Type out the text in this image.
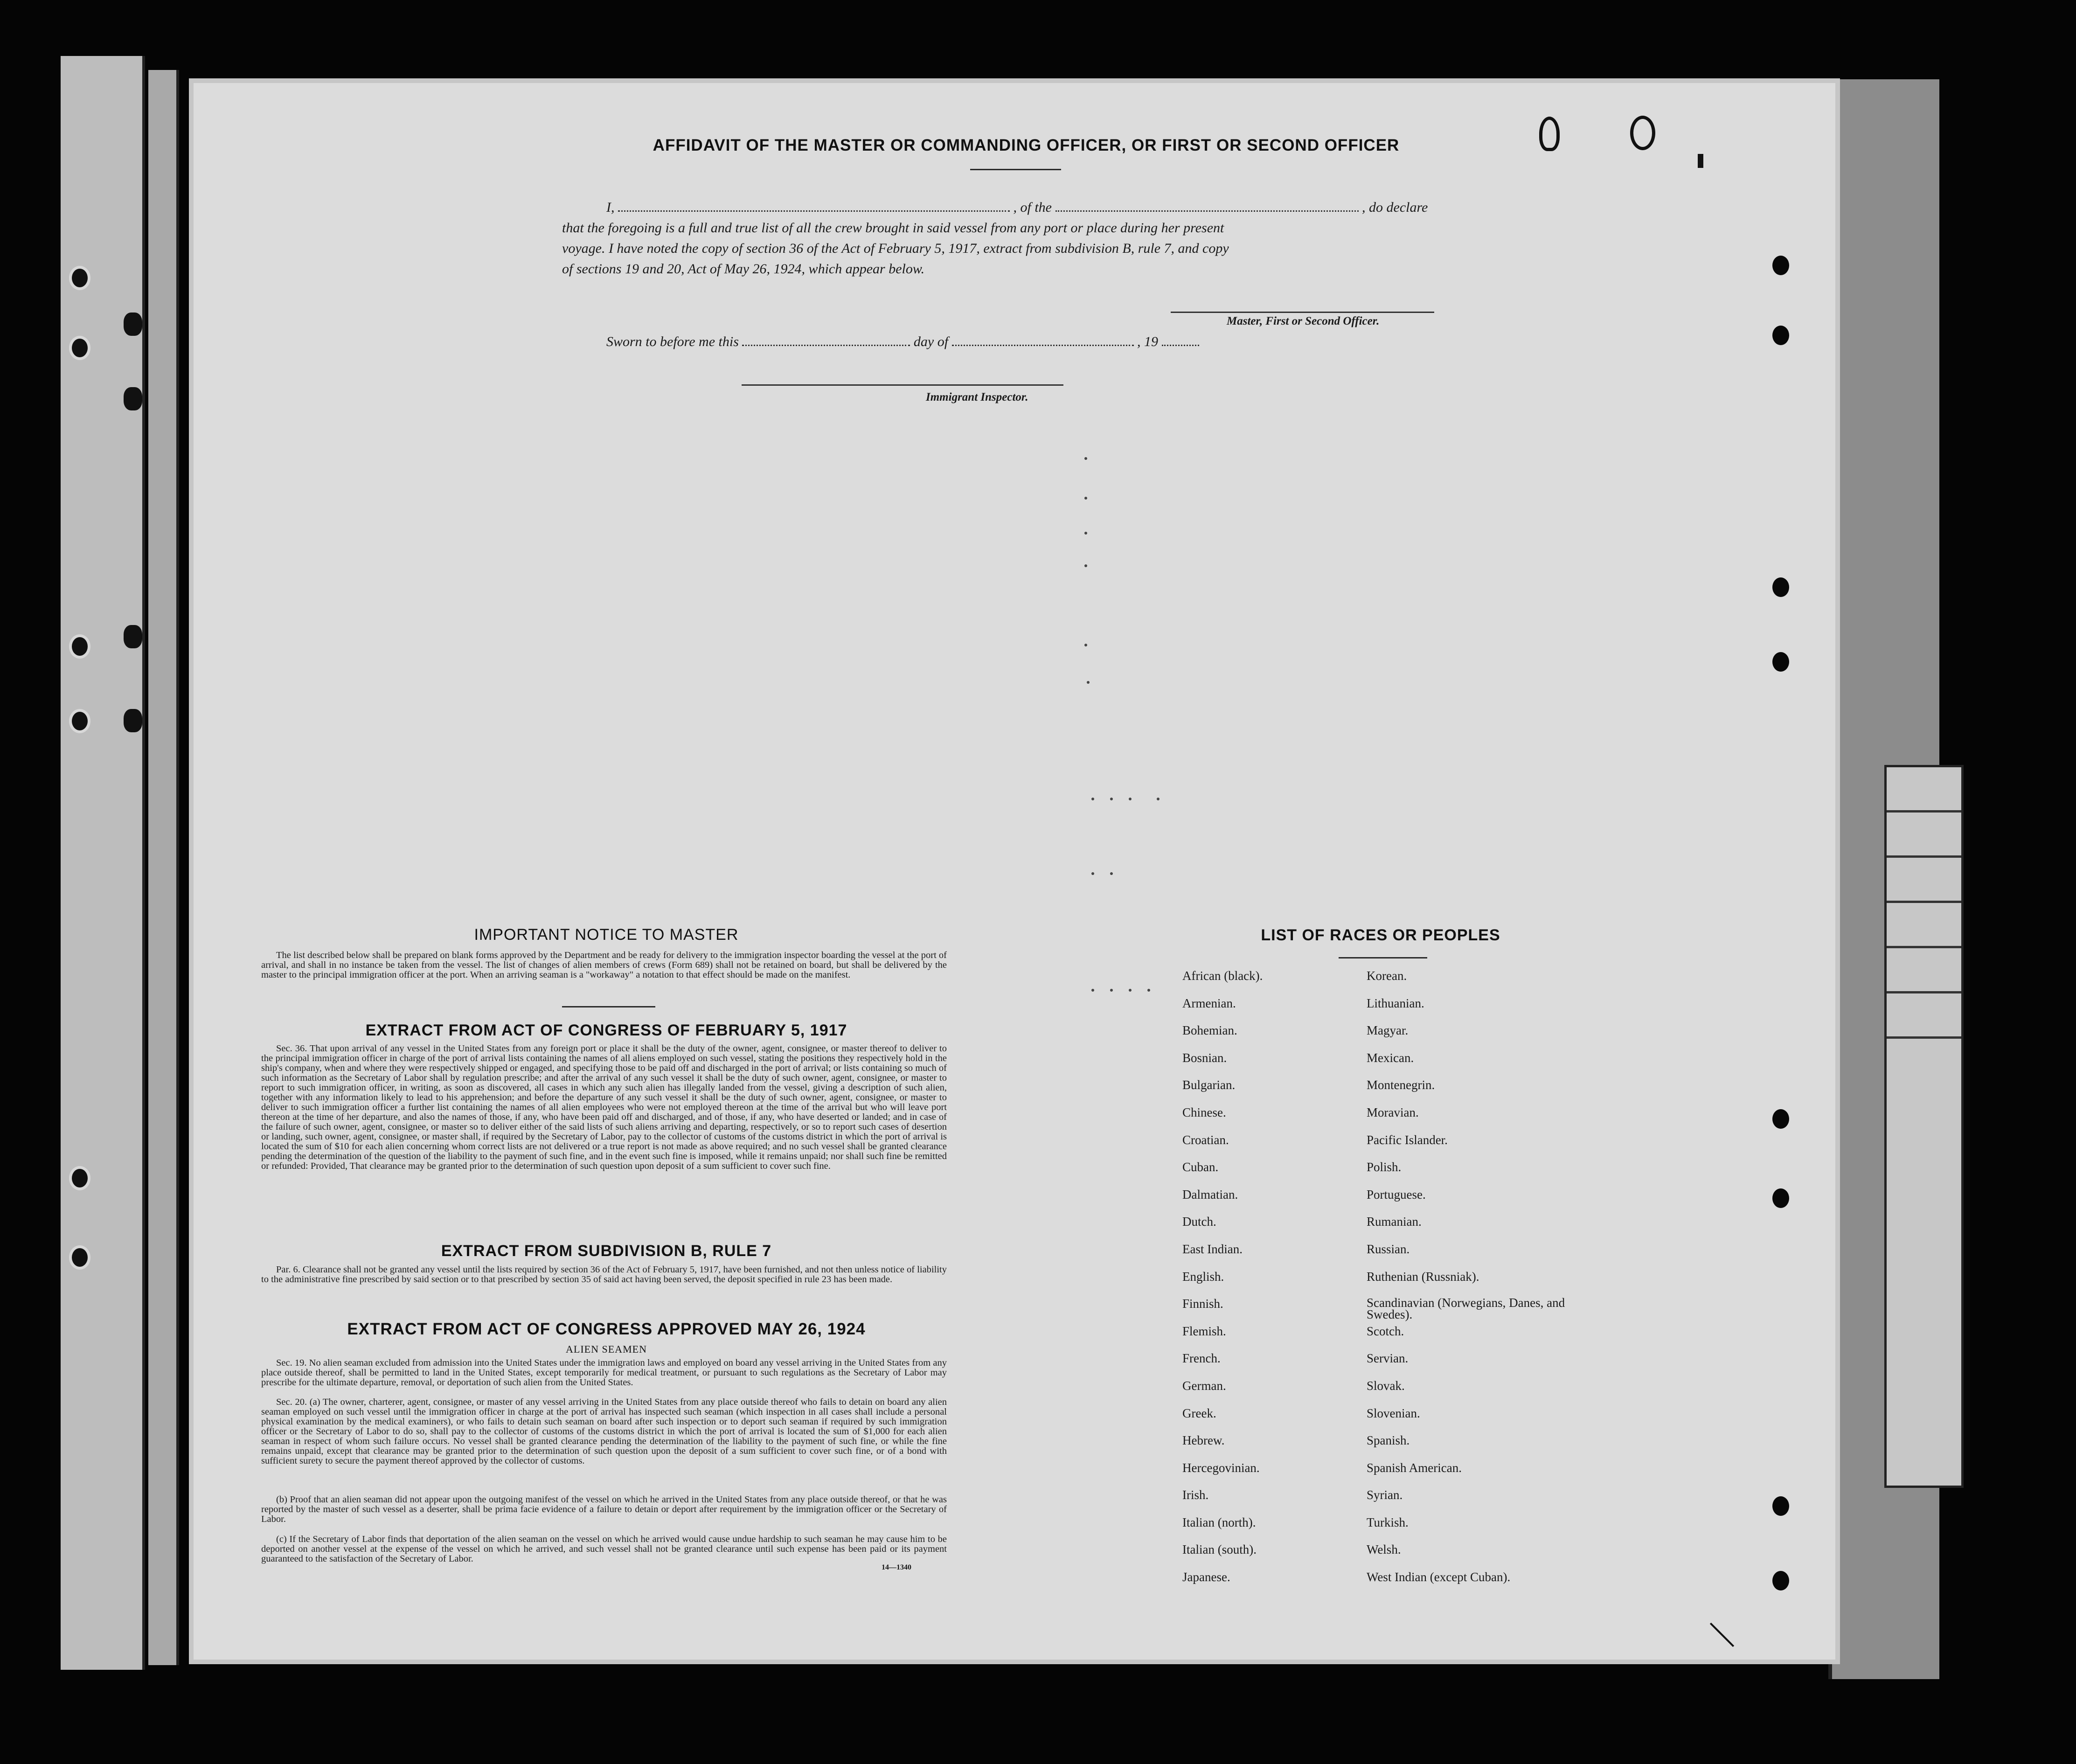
AFFIDAVIT OF THE MASTER OR COMMANDING OFFICER, OR FIRST OR SECOND OFFICER
I,	, of the	, do declare
that the foregoing is a full and true list of all the crew brought in said vessel from any port or place during her present
voyage. I have noted the copy of section 36 of the Act of February 5, 1917, extract from subdivision B, rule 7, and copy
of sections 19 and 20, Act of May 26, 1924, which appear below.
Master, First or Second Officer.
Sworn to before me this	day of	, 19
Immigrant Inspector.
IMPORTANT NOTICE TO MASTER
The list described below shall be prepared on blank forms approved by the Department and be ready for delivery to the immigration inspector boarding the vessel at the port of arrival, and shall in no instance be taken from the vessel. The list of changes of alien members of crews (Form 689) shall not be retained on board, but shall be delivered by the master to the principal immigration officer at the port. When an arriving seaman is a "workaway" a notation to that effect should be made on the manifest.
EXTRACT FROM ACT OF CONGRESS OF FEBRUARY 5, 1917
Sec. 36. That upon arrival of any vessel in the United States from any foreign port or place it shall be the duty of the owner, agent, consignee, or master thereof to deliver to the principal immigration officer in charge of the port of arrival lists containing the names of all aliens employed on such vessel, stating the positions they respectively hold in the ship's company, when and where they were respectively shipped or engaged, and specifying those to be paid off and discharged in the port of arrival; or lists containing so much of such information as the Secretary of Labor shall by regulation prescribe; and after the arrival of any such vessel it shall be the duty of such owner, agent, consignee, or master to report to such immigration officer, in writing, as soon as discovered, all cases in which any such alien has illegally landed from the vessel, giving a description of such alien, together with any information likely to lead to his apprehension; and before the departure of any such vessel it shall be the duty of such owner, agent, consignee, or master to deliver to such immigration officer a further list containing the names of all alien employees who were not employed thereon at the time of the arrival but who will leave port thereon at the time of her departure, and also the names of those, if any, who have been paid off and discharged, and of those, if any, who have deserted or landed; and in case of the failure of such owner, agent, consignee, or master so to deliver either of the said lists of such aliens arriving and departing, respectively, or so to report such cases of desertion or landing, such owner, agent, consignee, or master shall, if required by the Secretary of Labor, pay to the collector of customs of the customs district in which the port of arrival is located the sum of $10 for each alien concerning whom correct lists are not delivered or a true report is not made as above required; and no such vessel shall be granted clearance pending the determination of the question of the liability to the payment of such fine, and in the event such fine is imposed, while it remains unpaid; nor shall such fine be remitted or refunded: Provided, That clearance may be granted prior to the determination of such question upon deposit of a sum sufficient to cover such fine.
EXTRACT FROM SUBDIVISION B, RULE 7
Par. 6. Clearance shall not be granted any vessel until the lists required by section 36 of the Act of February 5, 1917, have been furnished, and not then unless notice of liability to the administrative fine prescribed by said section or to that prescribed by section 35 of said act having been served, the deposit specified in rule 23 has been made.
EXTRACT FROM ACT OF CONGRESS APPROVED MAY 26, 1924
ALIEN SEAMEN
Sec. 19. No alien seaman excluded from admission into the United States under the immigration laws and employed on board any vessel arriving in the United States from any place outside thereof, shall be permitted to land in the United States, except temporarily for medical treatment, or pursuant to such regulations as the Secretary of Labor may prescribe for the ultimate departure, removal, or deportation of such alien from the United States.
Sec. 20. (a) The owner, charterer, agent, consignee, or master of any vessel arriving in the United States from any place outside thereof who fails to detain on board any alien seaman employed on such vessel until the immigration officer in charge at the port of arrival has inspected such seaman (which inspection in all cases shall include a personal physical examination by the medical examiners), or who fails to detain such seaman on board after such inspection or to deport such seaman if required by such immigration officer or the Secretary of Labor to do so, shall pay to the collector of customs of the customs district in which the port of arrival is located the sum of $1,000 for each alien seaman in respect of whom such failure occurs. No vessel shall be granted clearance pending the determination of the liability to the payment of such fine, or while the fine remains unpaid, except that clearance may be granted prior to the determination of such question upon the deposit of a sum sufficient to cover such fine, or of a bond with sufficient surety to secure the payment thereof approved by the collector of customs.
(b) Proof that an alien seaman did not appear upon the outgoing manifest of the vessel on which he arrived in the United States from any place outside thereof, or that he was reported by the master of such vessel as a deserter, shall be prima facie evidence of a failure to detain or deport after requirement by the immigration officer or the Secretary of Labor.
(c) If the Secretary of Labor finds that deportation of the alien seaman on the vessel on which he arrived would cause undue hardship to such seaman he may cause him to be deported on another vessel at the expense of the vessel on which he arrived, and such vessel shall not be granted clearance until such expense has been paid or its payment guaranteed to the satisfaction of the Secretary of Labor.
14—1340
LIST OF RACES OR PEOPLES
African (black).	Korean.
Armenian.	Lithuanian.
Bohemian.	Magyar.
Bosnian.	Mexican.
Bulgarian.	Montenegrin.
Chinese.	Moravian.
Croatian.	Pacific Islander.
Cuban.	Polish.
Dalmatian.	Portuguese.
Dutch.	Rumanian.
East Indian.	Russian.
English.	Ruthenian (Russniak).
Finnish.	Scandinavian (Norwegians, Danes, and Swedes).
Flemish.	Scotch.
French.	Servian.
German.	Slovak.
Greek.	Slovenian.
Hebrew.	Spanish.
Hercegovinian.	Spanish American.
Irish.	Syrian.
Italian (north).	Turkish.
Italian (south).	Welsh.
Japanese.	West Indian (except Cuban).
